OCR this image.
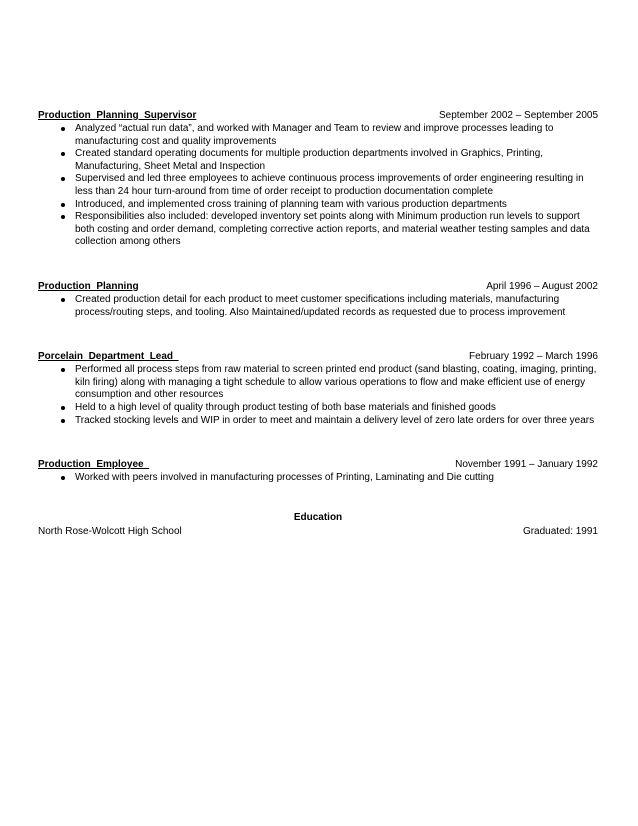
Production  Planning  Supervisor	September 2002 – September 2005
Analyzed “actual run data”, and worked with Manager and Team to review and improve processes leading to manufacturing cost and quality improvements
Created standard operating documents for multiple production departments involved in Graphics, Printing, Manufacturing, Sheet Metal and Inspection
Supervised and led three employees to achieve continuous process improvements of order engineering resulting in less than 24 hour turn-around from time of order receipt to production documentation complete
Introduced, and implemented cross training of planning team with various production departments
Responsibilities also included: developed inventory set points along with Minimum production run levels to support both costing and order demand, completing corrective action reports, and material weather testing samples and data collection among others
Production  Planning	April 1996 – August 2002
Created production detail for each product to meet customer specifications including materials, manufacturing process/routing steps, and tooling. Also Maintained/updated records as requested due to process improvement
Porcelain  Department  Lead	February 1992 – March 1996
Performed all process steps from raw material to screen printed end product (sand blasting, coating, imaging, printing, kiln firing) along with managing a tight schedule to allow various operations to flow and make efficient use of energy consumption and other resources
Held to a high level of quality through product testing of both base materials and finished goods
Tracked stocking levels and WIP in order to meet and maintain a delivery level of zero late orders for over three years
Production  Employee	November 1991 – January 1992
Worked with peers involved in manufacturing processes of Printing, Laminating and Die cutting
Education
North Rose-Wolcott High School	Graduated: 1991
